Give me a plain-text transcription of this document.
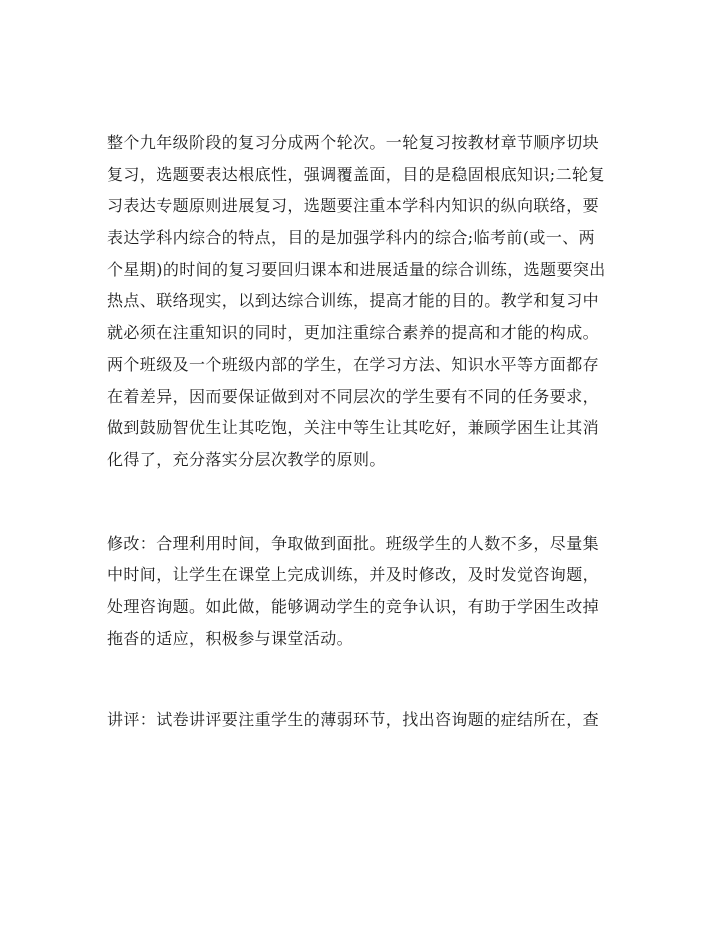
整个九年级阶段的复习分成两个轮次。一轮复习按教材章节顺序切块
复习，选题要表达根底性，强调覆盖面，目的是稳固根底知识;二轮复
习表达专题原则进展复习，选题要注重本学科内知识的纵向联络，要
表达学科内综合的特点，目的是加强学科内的综合;临考前(或一、两
个星期)的时间的复习要回归课本和进展适量的综合训练，选题要突出
热点、联络现实，以到达综合训练，提高才能的目的。教学和复习中
就必须在注重知识的同时，更加注重综合素养的提高和才能的构成。
两个班级及一个班级内部的学生，在学习方法、知识水平等方面都存
在着差异，因而要保证做到对不同层次的学生要有不同的任务要求，
做到鼓励智优生让其吃饱，关注中等生让其吃好，兼顾学困生让其消
化得了，充分落实分层次教学的原则。
修改：合理利用时间，争取做到面批。班级学生的人数不多，尽量集
中时间，让学生在课堂上完成训练，并及时修改，及时发觉咨询题，
处理咨询题。如此做，能够调动学生的竞争认识，有助于学困生改掉
拖沓的适应，积极参与课堂活动。
讲评：试卷讲评要注重学生的薄弱环节，找出咨询题的症结所在，查
